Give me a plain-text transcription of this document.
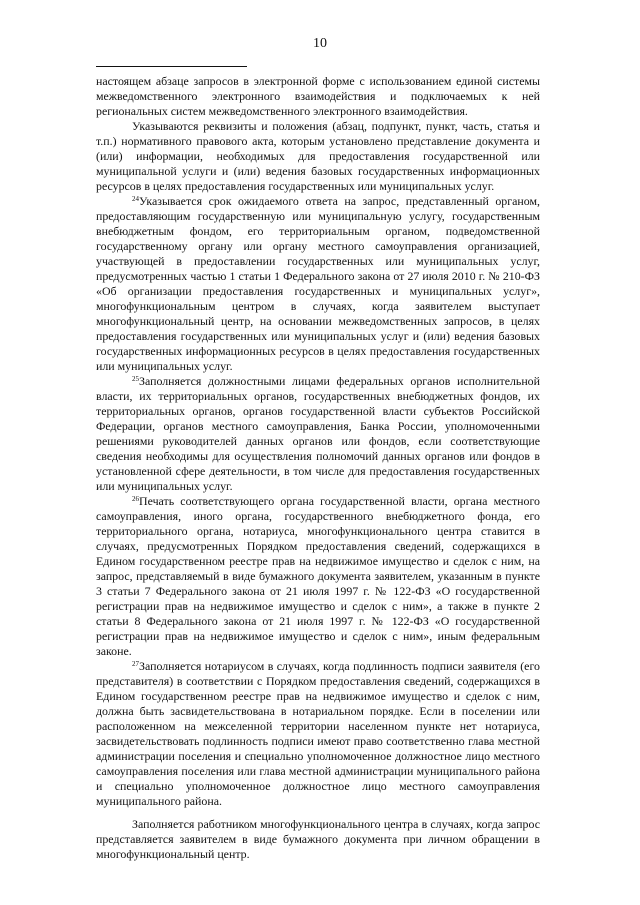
10

настоящем абзаце запросов в электронной форме с использованием единой системы межведомственного электронного взаимодействия и подключаемых к ней региональных систем межведомственного электронного взаимодействия.

Указываются реквизиты и положения (абзац, подпункт, пункт, часть, статья и т.п.) нормативного правового акта, которым установлено представление документа и (или) информации, необходимых для предоставления государственной или муниципальной услуги и (или) ведения базовых государственных информационных ресурсов в целях предоставления государственных или муниципальных услуг.

$^{24}$Указывается срок ожидаемого ответа на запрос, представленный органом, предоставляющим государственную или муниципальную услугу, государственным внебюджетным фондом, его территориальным органом, подведомственной государственному органу или органу местного самоуправления организацией, участвующей в предоставлении государственных или муниципальных услуг, предусмотренных частью 1 статьи 1 Федерального закона от 27 июля 2010 г. № 210-ФЗ «Об организации предоставления государственных и муниципальных услуг», многофункциональным центром в случаях, когда заявителем выступает многофункциональный центр, на основании межведомственных запросов, в целях предоставления государственных или муниципальных услуг и (или) ведения базовых государственных информационных ресурсов в целях предоставления государственных или муниципальных услуг.

$^{25}$Заполняется должностными лицами федеральных органов исполнительной власти, их территориальных органов, государственных внебюджетных фондов, их территориальных органов, органов государственной власти субъектов Российской Федерации, органов местного самоуправления, Банка России, уполномоченными решениями руководителей данных органов или фондов, если соответствующие сведения необходимы для осуществления полномочий данных органов или фондов в установленной сфере деятельности, в том числе для предоставления государственных или муниципальных услуг.

$^{26}$Печать соответствующего органа государственной власти, органа местного самоуправления, иного органа, государственного внебюджетного фонда, его территориального органа, нотариуса, многофункционального центра ставится в случаях, предусмотренных Порядком предоставления сведений, содержащихся в Едином государственном реестре прав на недвижимое имущество и сделок с ним, на запрос, представляемый в виде бумажного документа заявителем, указанным в пункте 3 статьи 7 Федерального закона от 21 июля 1997 г. № 122-ФЗ «О государственной регистрации прав на недвижимое имущество и сделок с ним», а также в пункте 2 статьи 8 Федерального закона от 21 июля 1997 г. № 122-ФЗ «О государственной регистрации прав на недвижимое имущество и сделок с ним», иным федеральным законе.

$^{27}$Заполняется нотариусом в случаях, когда подлинность подписи заявителя (его представителя) в соответствии с Порядком предоставления сведений, содержащихся в Едином государственном реестре прав на недвижимое имущество и сделок с ним, должна быть засвидетельствована в нотариальном порядке. Если в поселении или расположенном на межселенной территории населенном пункте нет нотариуса, засвидетельствовать подлинность подписи имеют право соответственно глава местной администрации поселения и специально уполномоченное должностное лицо местного самоуправления поселения или глава местной администрации муниципального района и специально уполномоченное должностное лицо местного самоуправления муниципального района.

Заполняется работником многофункционального центра в случаях, когда запрос представляется заявителем в виде бумажного документа при личном обращении в многофункциональный центр.
